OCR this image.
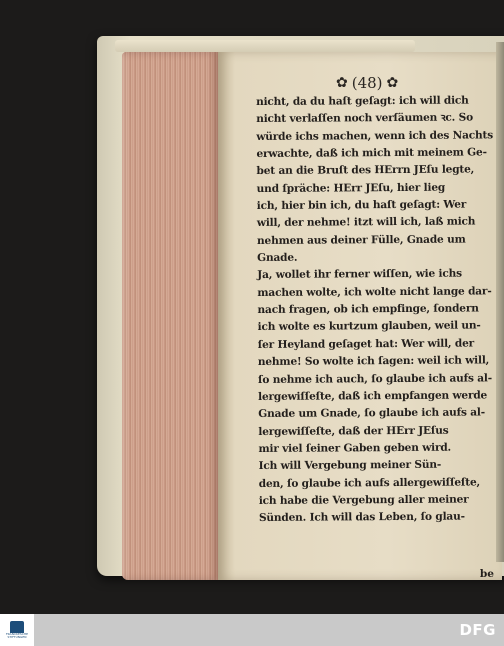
✿ (48) ✿
nicht, da du haſt geſagt: ich will dich
nicht verlaſſen noch verſäumen ꝛc. So
würde ichs machen, wenn ich des Nachts
erwachte, daß ich mich mit meinem Ge-
bet an die Bruſt des HErrn JEſu legte,
und ſpräche: HErr JEſu, hier lieg
ich, hier bin ich, du haſt geſagt: Wer
will, der nehme! itzt will ich, laß mich
nehmen aus deiner Fülle, Gnade um
Gnade.
Ja, wollet ihr ferner wiſſen, wie ichs
machen wolte, ich wolte nicht lange dar-
nach fragen, ob ich empfinge, ſondern
ich wolte es kurtzum glauben, weil un-
ſer Heyland geſaget hat: Wer will, der
nehme! So wolte ich ſagen: weil ich will,
ſo nehme ich auch, ſo glaube ich aufs al-
lergewiſſeſte, daß ich empfangen werde
Gnade um Gnade, ſo glaube ich aufs al-
lergewiſſeſte, daß der HErr JEſus
mir viel ſeiner Gaben geben wird.
Ich will Vergebung meiner Sün-
den, ſo glaube ich aufs allergewiſſeſte,
ich habe die Vergebung aller meiner
Sünden. Ich will das Leben, ſo glau-
be
FRANCKESCHE STIFTUNGEN	DFG
